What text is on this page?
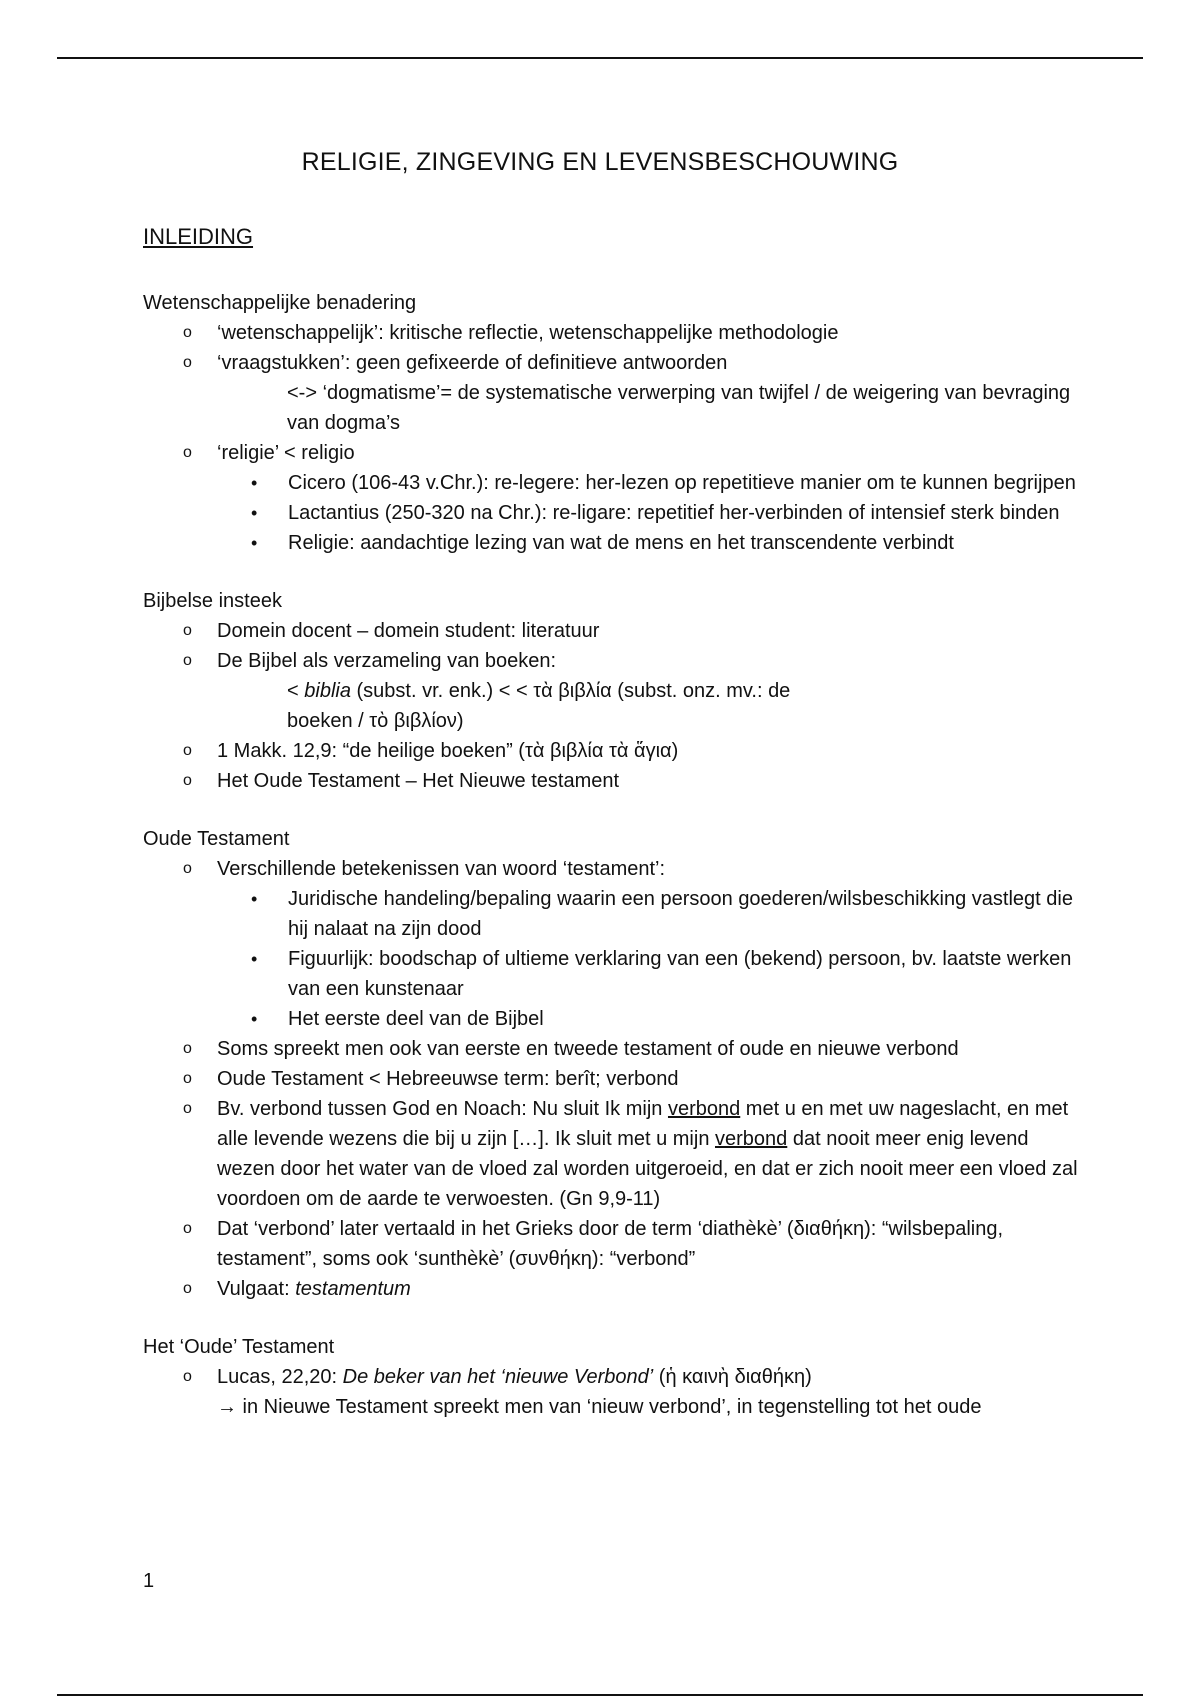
RELIGIE, ZINGEVING EN LEVENSBESCHOUWING
INLEIDING
Wetenschappelijke benadering
o ‘wetenschappelijk’: kritische reflectie, wetenschappelijke methodologie
o ‘vraagstukken’: geen gefixeerde of definitieve antwoorden
<-> ‘dogmatisme’= de systematische verwerping van twijfel / de weigering van bevraging van dogma’s
o ‘religie’ < religio
• Cicero (106-43 v.Chr.): re-legere: her-lezen op repetitieve manier om te kunnen begrijpen
• Lactantius (250-320 na Chr.): re-ligare: repetitief her-verbinden of intensief sterk binden
• Religie: aandachtige lezing van wat de mens en het transcendente verbindt
Bijbelse insteek
o Domein docent – domein student: literatuur
o De Bijbel als verzameling van boeken:
< biblia (subst. vr. enk.) < < τὰ βιβλία (subst. onz. mv.: de boeken / τὸ βιβλίον)
o 1 Makk. 12,9: “de heilige boeken” (τὰ βιβλία τὰ ἅγια)
o Het Oude Testament – Het Nieuwe testament
Oude Testament
o Verschillende betekenissen van woord ‘testament’:
• Juridische handeling/bepaling waarin een persoon goederen/wilsbeschikking vastlegt die hij nalaat na zijn dood
• Figuurlijk: boodschap of ultieme verklaring van een (bekend) persoon, bv. laatste werken van een kunstenaar
• Het eerste deel van de Bijbel
o Soms spreekt men ook van eerste en tweede testament of oude en nieuwe verbond
o Oude Testament < Hebreeuwse term: berît; verbond
o Bv. verbond tussen God en Noach: Nu sluit Ik mijn verbond met u en met uw nageslacht, en met alle levende wezens die bij u zijn […]. Ik sluit met u mijn verbond dat nooit meer enig levend wezen door het water van de vloed zal worden uitgeroeid, en dat er zich nooit meer een vloed zal voordoen om de aarde te verwoesten. (Gn 9,9-11)
o Dat ‘verbond’ later vertaald in het Grieks door de term ‘diathèkè’ (διαθήκη): “wilsbepaling, testament”, soms ook ‘sunthèkè’ (συνθήκη): “verbond”
o Vulgaat: testamentum
Het ‘Oude’ Testament
o Lucas, 22,20: De beker van het ‘nieuwe Verbond’ (ἡ καινὴ διαθήκη)
→ in Nieuwe Testament spreekt men van ‘nieuw verbond’, in tegenstelling tot het oude
1
